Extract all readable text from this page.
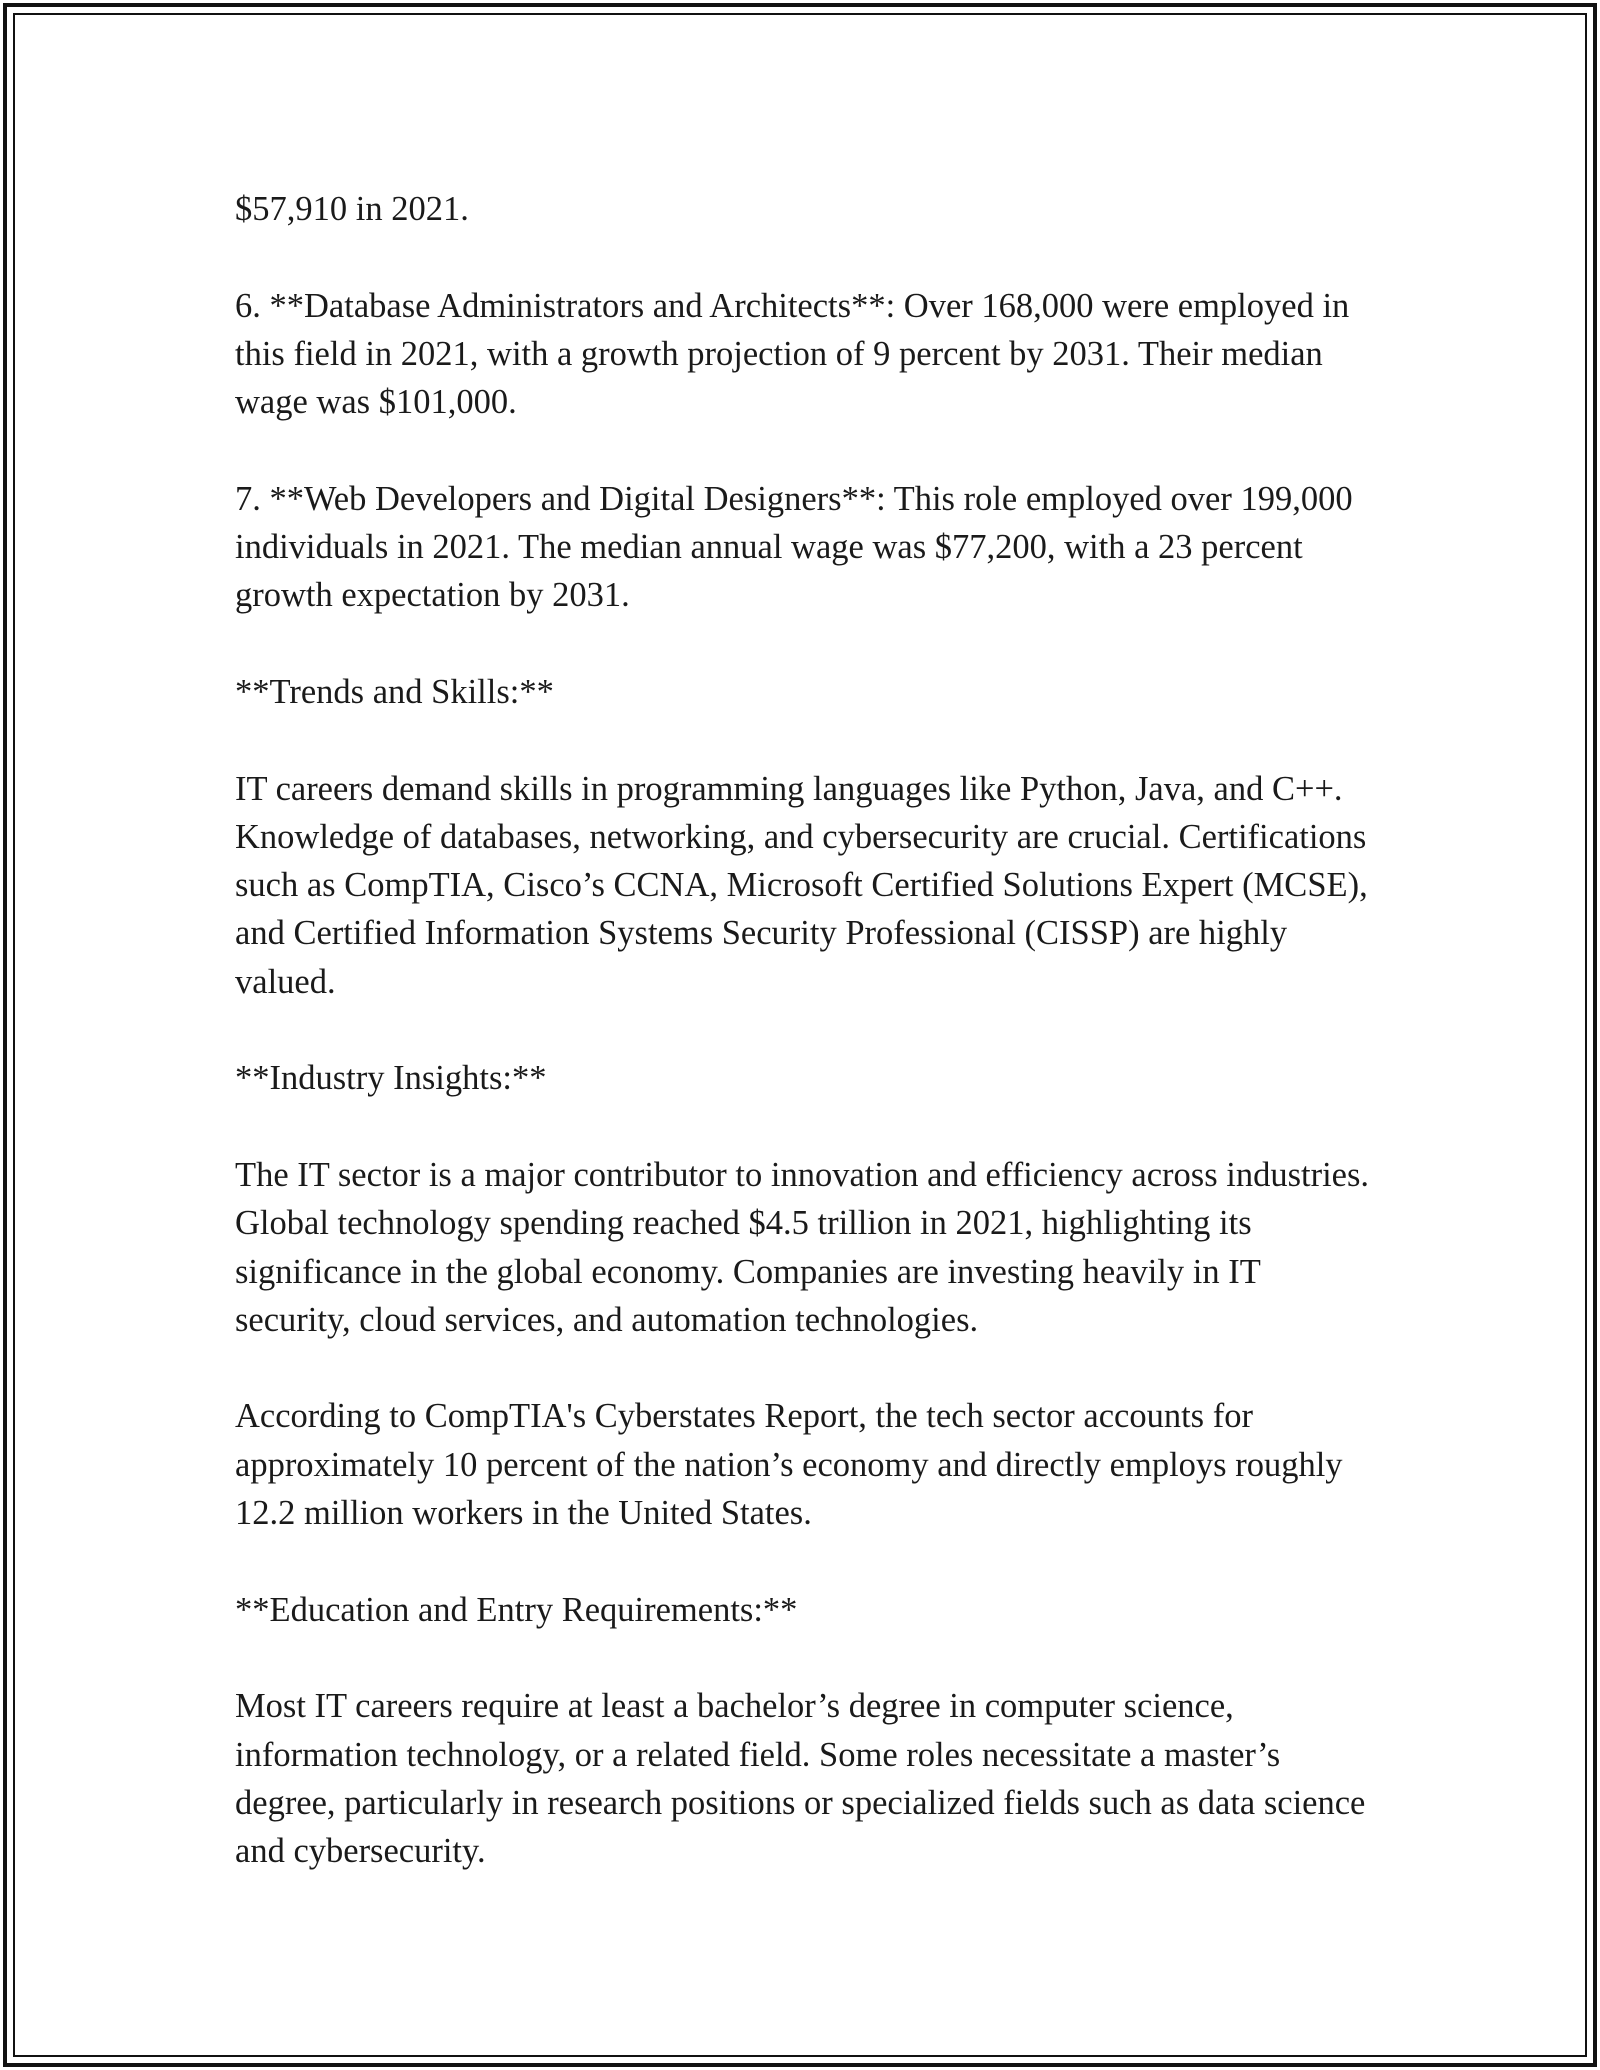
$57,910 in 2021.

6. **Database Administrators and Architects**: Over 168,000 were employed in this field in 2021, with a growth projection of 9 percent by 2031. Their median wage was $101,000.

7. **Web Developers and Digital Designers**: This role employed over 199,000 individuals in 2021. The median annual wage was $77,200, with a 23 percent growth expectation by 2031.

**Trends and Skills:**

IT careers demand skills in programming languages like Python, Java, and C++. Knowledge of databases, networking, and cybersecurity are crucial. Certifications such as CompTIA, Cisco’s CCNA, Microsoft Certified Solutions Expert (MCSE), and Certified Information Systems Security Professional (CISSP) are highly valued.

**Industry Insights:**

The IT sector is a major contributor to innovation and efficiency across industries. Global technology spending reached $4.5 trillion in 2021, highlighting its significance in the global economy. Companies are investing heavily in IT security, cloud services, and automation technologies.

According to CompTIA's Cyberstates Report, the tech sector accounts for approximately 10 percent of the nation’s economy and directly employs roughly 12.2 million workers in the United States.

**Education and Entry Requirements:**

Most IT careers require at least a bachelor’s degree in computer science, information technology, or a related field. Some roles necessitate a master’s degree, particularly in research positions or specialized fields such as data science and cybersecurity.
